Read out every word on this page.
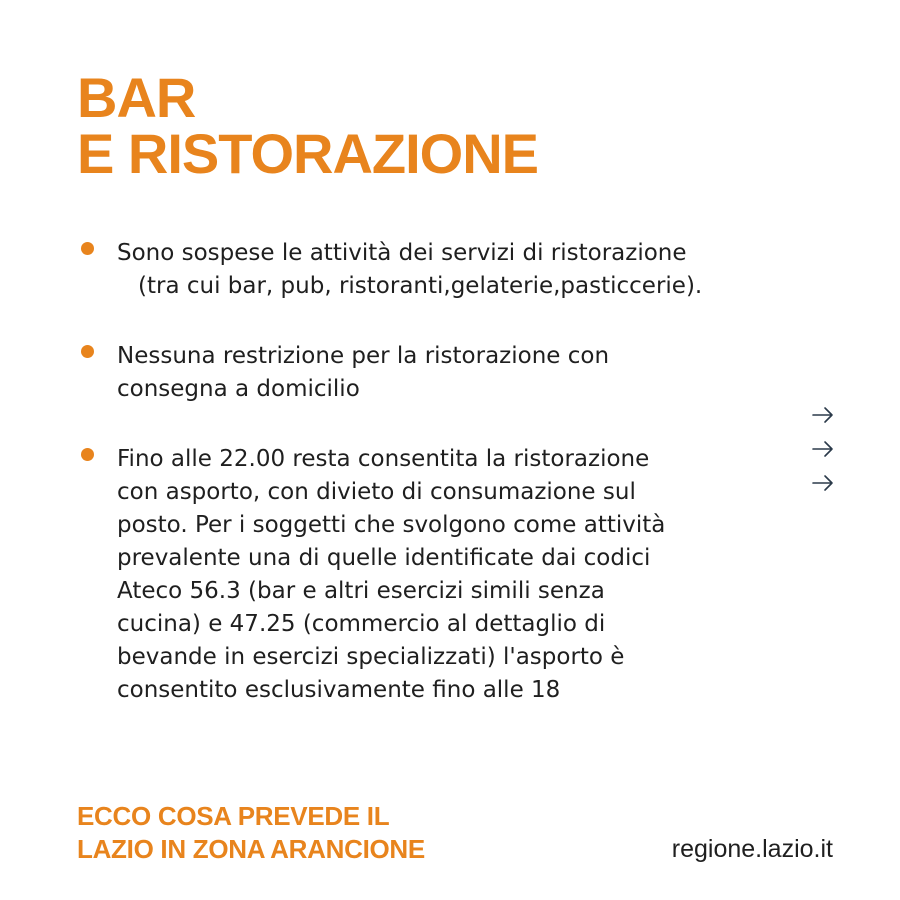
BAR
E RISTORAZIONE
Sono sospese le attività dei servizi di ristorazione
(tra cui bar, pub, ristoranti,gelaterie,pasticcerie).
Nessuna restrizione per la ristorazione con
consegna a domicilio
Fino alle 22.00 resta consentita la ristorazione
con asporto, con divieto di consumazione sul
posto. Per i soggetti che svolgono come attività
prevalente una di quelle identificate dai codici
Ateco 56.3 (bar e altri esercizi simili senza
cucina) e 47.25 (commercio al dettaglio di
bevande in esercizi specializzati) l'asporto è
consentito esclusivamente fino alle 18
ECCO COSA PREVEDE IL
LAZIO IN ZONA ARANCIONE	regione.lazio.it
